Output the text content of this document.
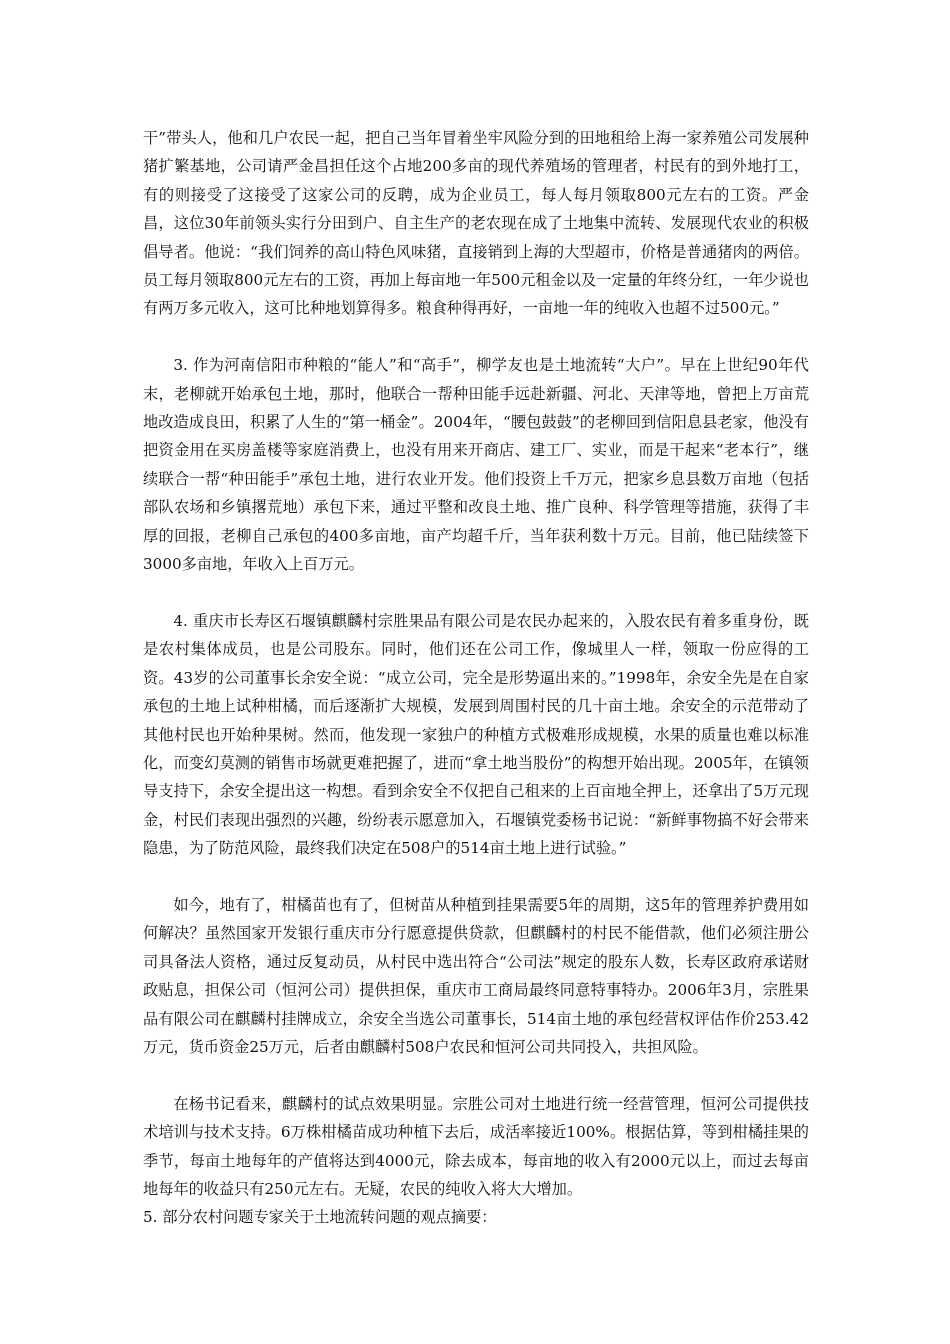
干”带头人，他和几户农民一起，把自己当年冒着坐牢风险分到的田地租给上海一家养殖公司发展种猪扩繁基地，公司请严金昌担任这个占地200多亩的现代养殖场的管理者，村民有的到外地打工，有的则接受了这接受了这家公司的反聘，成为企业员工，每人每月领取800元左右的工资。严金昌，这位30年前领头实行分田到户、自主生产的老农现在成了土地集中流转、发展现代农业的积极倡导者。他说：“我们饲养的高山特色风味猪，直接销到上海的大型超市，价格是普通猪肉的两倍。员工每月领取800元左右的工资，再加上每亩地一年500元租金以及一定量的年终分红，一年少说也有两万多元收入，这可比种地划算得多。粮食种得再好，一亩地一年的纯收入也超不过500元。”

3. 作为河南信阳市种粮的“能人”和“高手”，柳学友也是土地流转“大户”。早在上世纪90年代末，老柳就开始承包土地，那时，他联合一帮种田能手远赴新疆、河北、天津等地，曾把上万亩荒地改造成良田，积累了人生的“第一桶金”。2004年，“腰包鼓鼓”的老柳回到信阳息县老家，他没有把资金用在买房盖楼等家庭消费上，也没有用来开商店、建工厂、实业，而是干起来“老本行”，继续联合一帮“种田能手”承包土地，进行农业开发。他们投资上千万元，把家乡息县数万亩地（包括部队农场和乡镇撂荒地）承包下来，通过平整和改良土地、推广良种、科学管理等措施，获得了丰厚的回报，老柳自己承包的400多亩地，亩产均超千斤，当年获利数十万元。目前，他已陆续签下3000多亩地，年收入上百万元。

4. 重庆市长寿区石堰镇麒麟村宗胜果品有限公司是农民办起来的，入股农民有着多重身份，既是农村集体成员，也是公司股东。同时，他们还在公司工作，像城里人一样，领取一份应得的工资。43岁的公司董事长余安全说：“成立公司，完全是形势逼出来的。”1998年，余安全先是在自家承包的土地上试种柑橘，而后逐渐扩大规模，发展到周围村民的几十亩土地。余安全的示范带动了其他村民也开始种果树。然而，他发现一家独户的种植方式极难形成规模，水果的质量也难以标准化，而变幻莫测的销售市场就更难把握了，进而“拿土地当股份”的构想开始出现。2005年，在镇领导支持下，余安全提出这一构想。看到余安全不仅把自己租来的上百亩地全押上，还拿出了5万元现金，村民们表现出强烈的兴趣，纷纷表示愿意加入，石堰镇党委杨书记说：“新鲜事物搞不好会带来隐患，为了防范风险，最终我们决定在508户的514亩土地上进行试验。”

如今，地有了，柑橘苗也有了，但树苗从种植到挂果需要5年的周期，这5年的管理养护费用如何解决？虽然国家开发银行重庆市分行愿意提供贷款，但麒麟村的村民不能借款，他们必须注册公司具备法人资格，通过反复动员，从村民中选出符合“公司法”规定的股东人数，长寿区政府承诺财政贴息，担保公司（恒河公司）提供担保，重庆市工商局最终同意特事特办。2006年3月，宗胜果品有限公司在麒麟村挂牌成立，余安全当选公司董事长，514亩土地的承包经营权评估作价253.42万元，货币资金25万元，后者由麒麟村508户农民和恒河公司共同投入，共担风险。

在杨书记看来，麒麟村的试点效果明显。宗胜公司对土地进行统一经营管理，恒河公司提供技术培训与技术支持。6万株柑橘苗成功种植下去后，成活率接近100%。根据估算，等到柑橘挂果的季节，每亩土地每年的产值将达到4000元，除去成本，每亩地的收入有2000元以上，而过去每亩地每年的收益只有250元左右。无疑，农民的纯收入将大大增加。

5. 部分农村问题专家关于土地流转问题的观点摘要：
